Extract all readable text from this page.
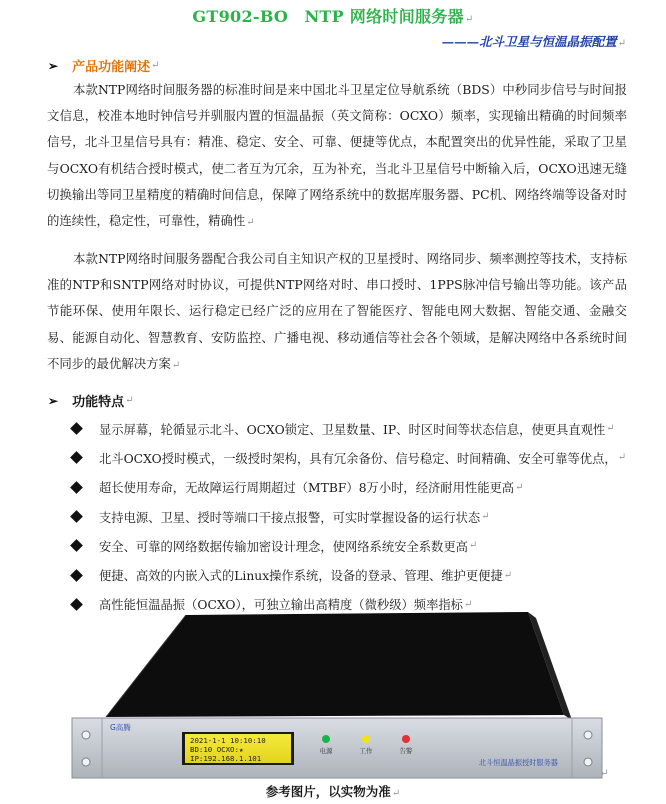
GT902-BO　NTP 网络时间服务器↵
———北斗卫星与恒温晶振配置↵
➢ 产品功能阐述 ↵

本款NTP网络时间服务器的标准时间是来中国北斗卫星定位导航系统（BDS）中秒同步信号与时间报文信息，校准本地时钟信号并驯服内置的恒温晶振（英文简称：OCXO）频率，实现输出精确的时间频率信号，北斗卫星信号具有：精准、稳定、安全、可靠、便捷等优点，本配置突出的优异性能，采取了卫星与OCXO有机结合授时模式，使二者互为冗余，互为补充，当北斗卫星信号中断输入后，OCXO迅速无缝切换输出等同卫星精度的精确时间信息，保障了网络系统中的数据库服务器、PC机、网络终端等设备对时的连续性，稳定性，可靠性，精确性↵

本款NTP网络时间服务器配合我公司自主知识产权的卫星授时、网络同步、频率测控等技术，支持标准的NTP和SNTP网络对时协议，可提供NTP网络对时、串口授时、1PPS脉冲信号输出等功能。该产品节能环保、使用年限长、运行稳定已经广泛的应用在了智能医疗、智能电网大数据、智能交通、金融交易、能源自动化、智慧教育、安防监控、广播电视、移动通信等社会各个领域，是解决网络中各系统时间不同步的最优解决方案↵

➢ 功能特点 ↵
显示屏幕，轮循显示北斗、OCXO锁定、卫星数量、IP、时区时间等状态信息，使更具直观性 ↵
北斗OCXO授时模式，一级授时架构，具有冗余备份、信号稳定、时间精确、安全可靠等优点， ↵
超长使用寿命，无故障运行周期超过（MTBF）8万小时，经济耐用性能更高 ↵
支持电源、卫星、授时等端口干接点报警，可实时掌握设备的运行状态 ↵
安全、可靠的网络数据传输加密设计理念，使网络系统安全系数更高 ↵
便捷、高效的内嵌入式的Linux操作系统，设备的登录、管理、维护更便捷 ↵
高性能恒温晶振（OCXO），可独立输出高精度（微秒级）频率指标 ↵
G高腾
2021-1-1 10:10:10
BD:10 OCXO:★
IP:192.168.1.101
电源	工作	告警
北斗恒温晶振授时服务器
↵
参考图片，以实物为准↵
